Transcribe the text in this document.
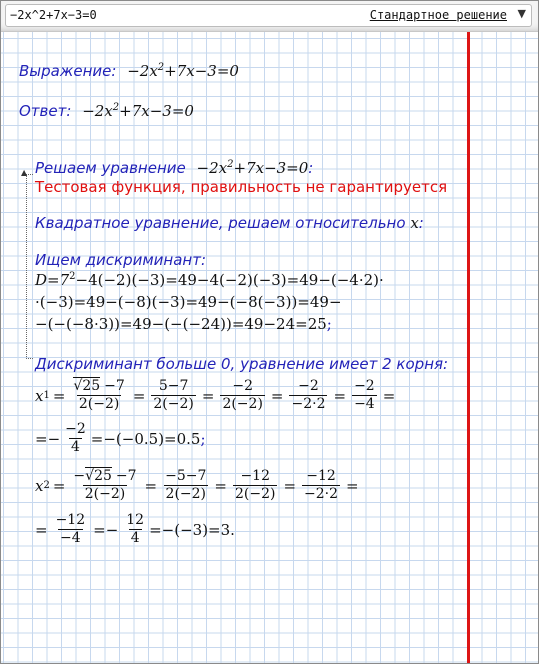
−2x^2+7x−3=0	Стандартное решение ▼
Выражение: $-2x^2+7x-3=0$
Ответ: $-2x^2+7x-3=0$
▲ Решаем уравнение $-2x^2+7x-3=0$:
Тестовая функция, правильность не гарантируется
Квадратное уравнение, решаем относительно x:
Ищем дискриминант:
$D=7^2-4(-2)(-3)=49-4(-2)(-3)=49-(-4\cdot 2)\cdot$
·(−3)=49−(−8)(−3)=49−(−8(−3))=49−
−(−(−8·3))=49−(−(−24))=49−24=25;
Дискриминант больше 0, уравнение имеет 2 корня:
x $1 = \frac{√25 -7}{2(-2)} = \frac{5-7}{2(-2)} = \frac{-2}{2(-2)} = \frac{-2}{-2\cdot 2} = \frac{-2}{-4}$ =
=− $\frac{-2}{4} =-(-0.5)=0.5$ ;
x $2 = \frac{-√25 -7}{2(-2)} = \frac{-5-7}{2(-2)} = \frac{-12}{2(-2)} = \frac{-12}{-2\cdot 2}$ =
= $\frac{-12}{-4} =- \frac{12}{4} =-(-3)=3$.
